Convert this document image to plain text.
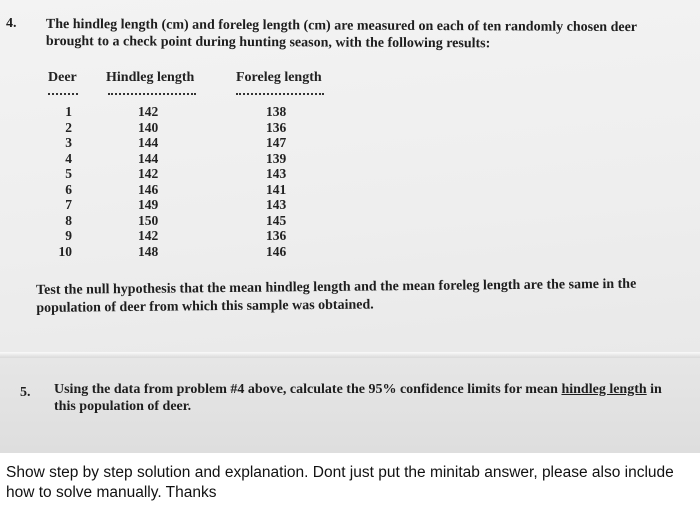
4. The hindleg length (cm) and foreleg length (cm) are measured on each of ten randomly chosen deer brought to a check point during hunting season, with the following results:

Deer Hindleg length	Foreleg length
1
2
3
4
5
6
7
8
9
10
142
140
144
144
142
146
149
150
142
148
138
136
147
139
143
141
143
145
136
146

Test the null hypothesis that the mean hindleg length and the mean foreleg length are the same in the population of deer from which this sample was obtained.

5. Using the data from problem #4 above, calculate the 95% confidence limits for mean hindleg length in this population of deer.

Show step by step solution and explanation. Dont just put the minitab answer, please also include how to solve manually. Thanks
